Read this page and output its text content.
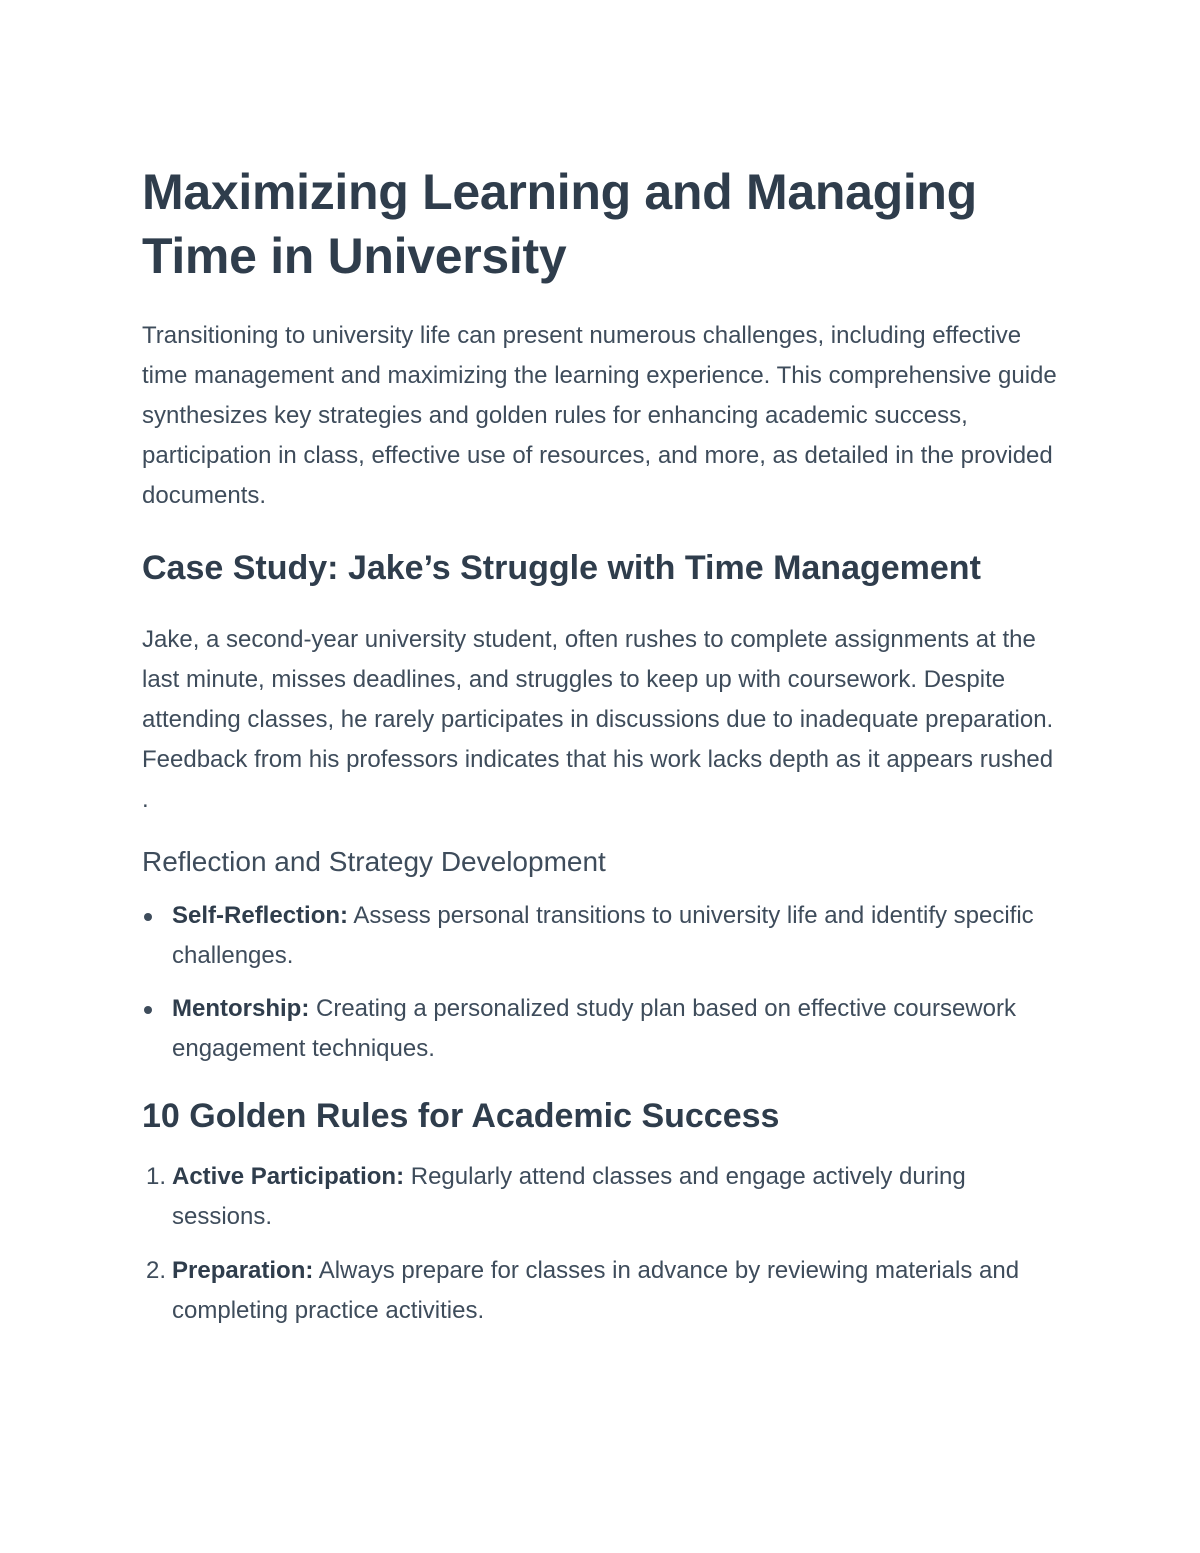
Maximizing Learning and Managing Time in University

Transitioning to university life can present numerous challenges, including effective time management and maximizing the learning experience. This comprehensive guide synthesizes key strategies and golden rules for enhancing academic success, participation in class, effective use of resources, and more, as detailed in the provided documents.

Case Study: Jake’s Struggle with Time Management

Jake, a second-year university student, often rushes to complete assignments at the last minute, misses deadlines, and struggles to keep up with coursework. Despite attending classes, he rarely participates in discussions due to inadequate preparation. Feedback from his professors indicates that his work lacks depth as it appears rushed .

Reflection and Strategy Development
Self-Reflection: Assess personal transitions to university life and identify specific challenges.
Mentorship: Creating a personalized study plan based on effective coursework engagement techniques.
10 Golden Rules for Academic Success
1. Active Participation: Regularly attend classes and engage actively during sessions.
2. Preparation: Always prepare for classes in advance by reviewing materials and completing practice activities.
